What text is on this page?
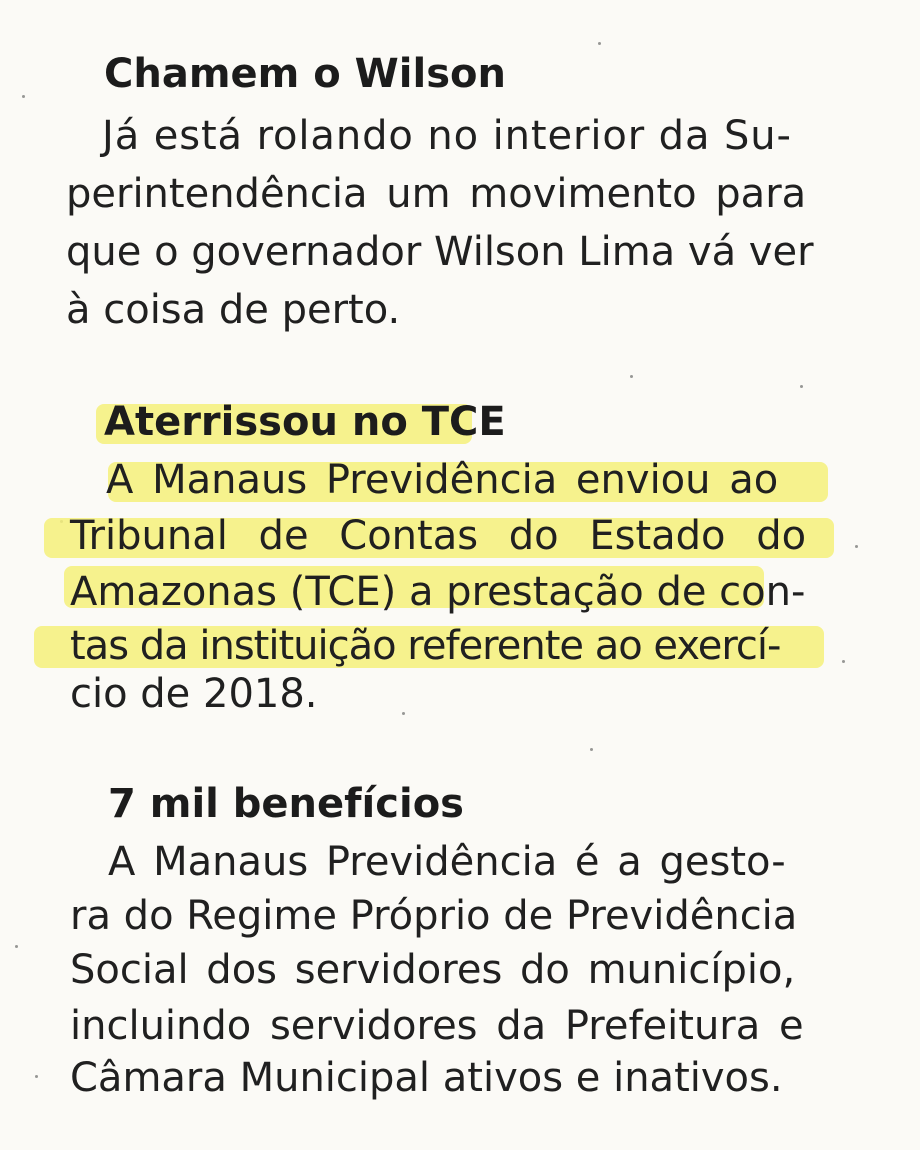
Chamem o Wilson
Já está rolando no interior da Su-
perintendência um movimento para
que o governador Wilson Lima vá ver
à coisa de perto.
Aterrissou no TCE
A Manaus Previdência enviou ao
Tribunal de Contas do Estado do
Amazonas (TCE) a prestação de con-
tas da instituição referente ao exercí-
cio de 2018.
7 mil benefícios
A Manaus Previdência é a gesto-
ra do Regime Próprio de Previdência
Social dos servidores do município,
incluindo servidores da Prefeitura e
Câmara Municipal ativos e inativos.
